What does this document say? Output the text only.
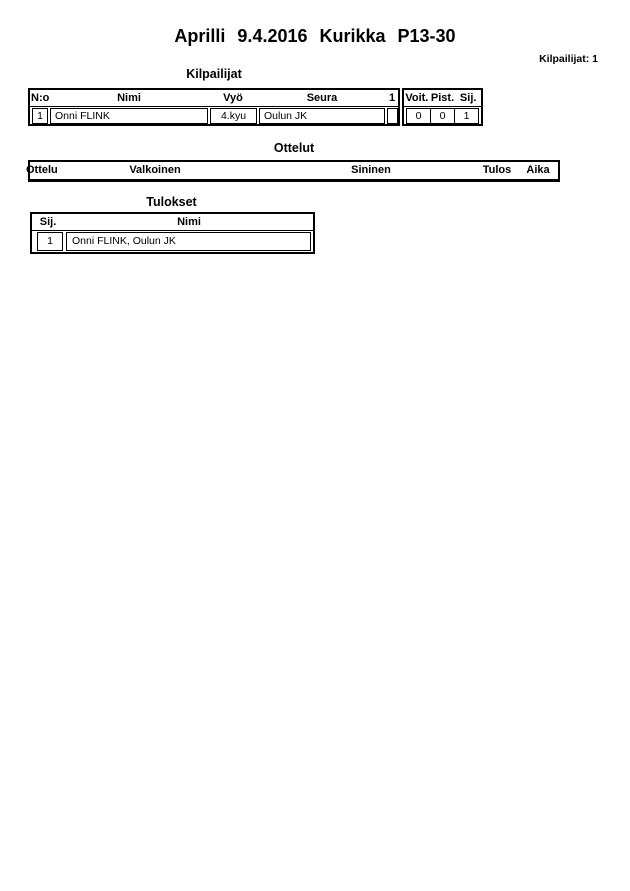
Aprilli 9.4.2016 Kurikka P13-30
Kilpailijat: 1
Kilpailijat
N:o	Nimi	Vyö	Seura	1
1	Onni FLINK	4.kyu	Oulun JK
Voit. Pist. Sij.
0	0	1
Ottelut
Ottelu	Valkoinen	Sininen	Tulos Aika
Tulokset
Sij.	Nimi
1	Onni FLINK, Oulun JK
